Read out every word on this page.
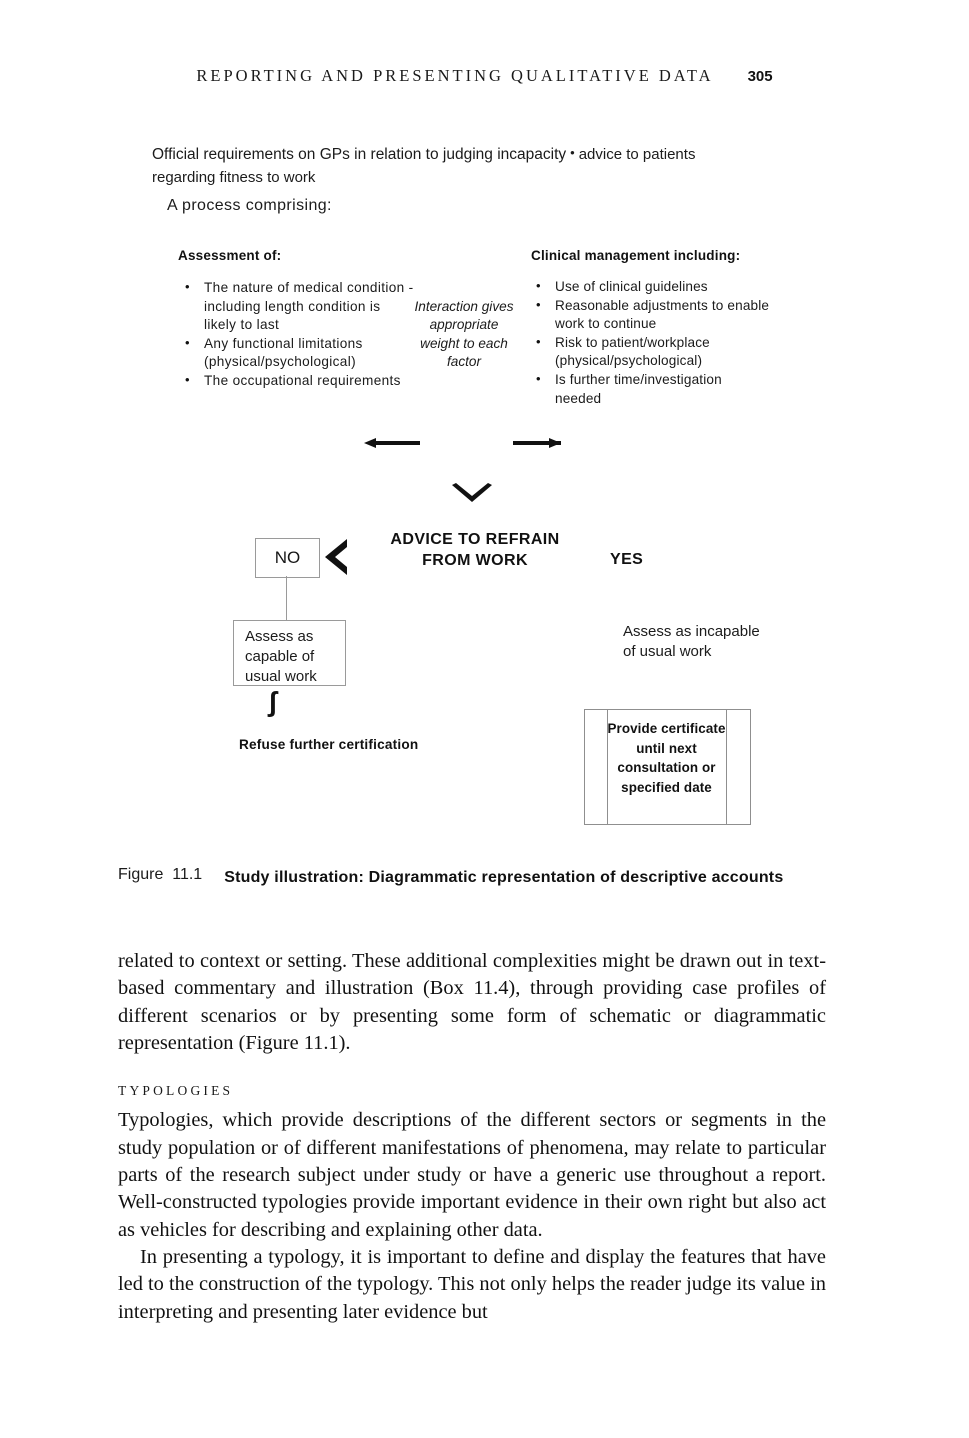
REPORTING AND PRESENTING QUALITATIVE DATA 305
Official requirements on GPs in relation to judging incapacity • advice to patients
regarding fitness to work
A process comprising:
Assessment of:
• The nature of medical condition - including length condition is likely to last
• Any functional limitations (physical/psychological)
• The occupational requirements
Interaction gives appropriate weight to each factor
Clinical management including:
• Use of clinical guidelines
• Reasonable adjustments to enable work to continue
• Risk to patient/workplace (physical/psychological)
• Is further time/investigation needed
NO
ADVICE TO REFRAIN FROM WORK	YES
Assess as capable of usual work
Assess as incapable of usual work
ʃ
Refuse further certification
Provide certificate until next consultation or specified date
Figure  11.1	Study illustration: Diagrammatic representation of descriptive accounts

related to context or setting. These additional complexities might be drawn out in text-based commentary and illustration (Box 11.4), through providing case profiles of different scenarios or by presenting some form of schematic or diagrammatic representation (Figure 11.1).

TYPOLOGIES

Typologies, which provide descriptions of the different sectors or segments in the study population or of different manifestations of phenomena, may relate to particular parts of the research subject under study or have a generic use throughout a report. Well-constructed typologies provide important evidence in their own right but also act as vehicles for describing and explaining other data.

In presenting a typology, it is important to define and display the features that have led to the construction of the typology. This not only helps the reader judge its value in interpreting and presenting later evidence but
